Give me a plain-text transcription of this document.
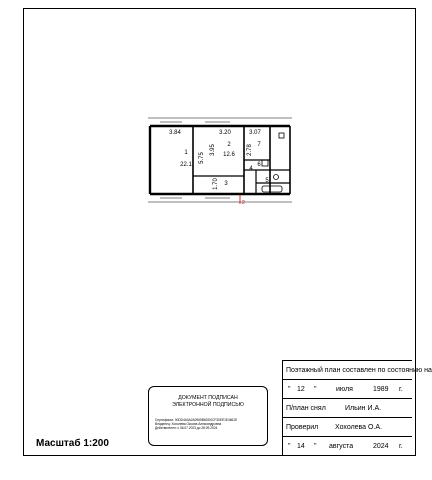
3.84	3.20	3.07
5.75
3.95	2.78
1.70
1
22.1
2
12.6
3
4
5
6
7
2
Масштаб 1:200
ДОКУМЕНТ ПОДПИСАН
ЭЛЕКТРОННОЙ ПОДПИСЬЮ
Сертификат: 00DD4A0A2A0965B6DD0CF30EE1E4661E
Владелец: Хохолева Оксана Александровна
Действителен: с 06.07.2023 до 28.09.2024
Поэтажный план составлен по состоянию на
" 12 "	июля	1989 г.
П/план снял	Ильин И.А.
Проверил Хохолева О.А.
" 14 " августа	2024 г.
